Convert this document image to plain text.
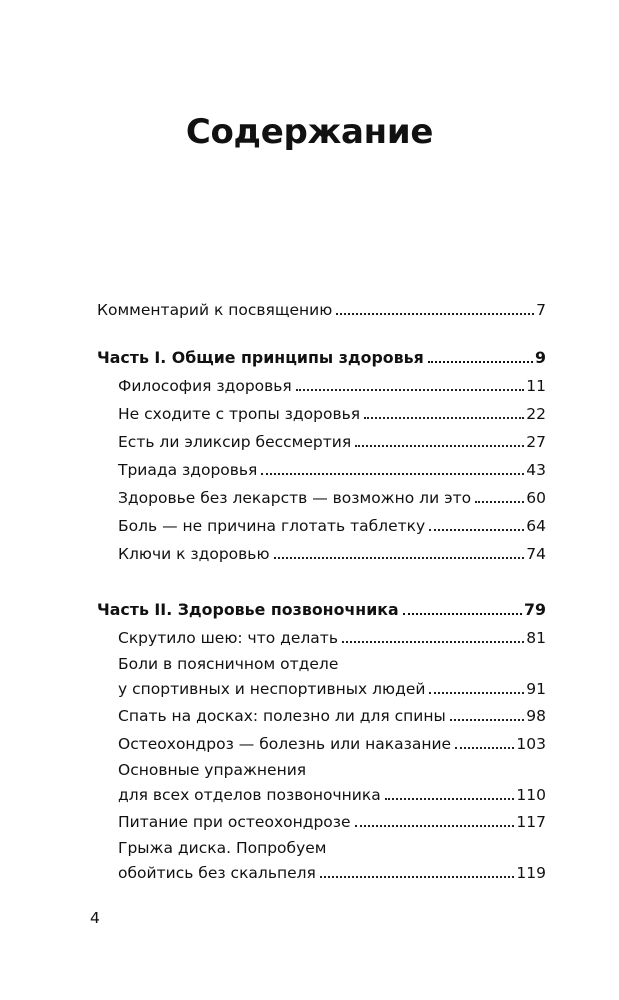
Содержание
Комментарий к посвящению	7
Часть I. Общие принципы здоровья	9
Философия здоровья	11
Не сходите с тропы здоровья	22
Есть ли эликсир бессмертия	27
Триада здоровья	43
Здоровье без лекарств — возможно ли это	60
Боль — не причина глотать таблетку	64
Ключи к здоровью	74
Часть II. Здоровье позвоночника	79
Скрутило шею: что делать	81
Боли в поясничном отделе
у спортивных и неспортивных людей	91
Спать на досках: полезно ли для спины	98
Остеохондроз — болезнь или наказание	103
Основные упражнения
для всех отделов позвоночника	110
Питание при остеохондрозе	117
Грыжа диска. Попробуем
обойтись без скальпеля	119
4
